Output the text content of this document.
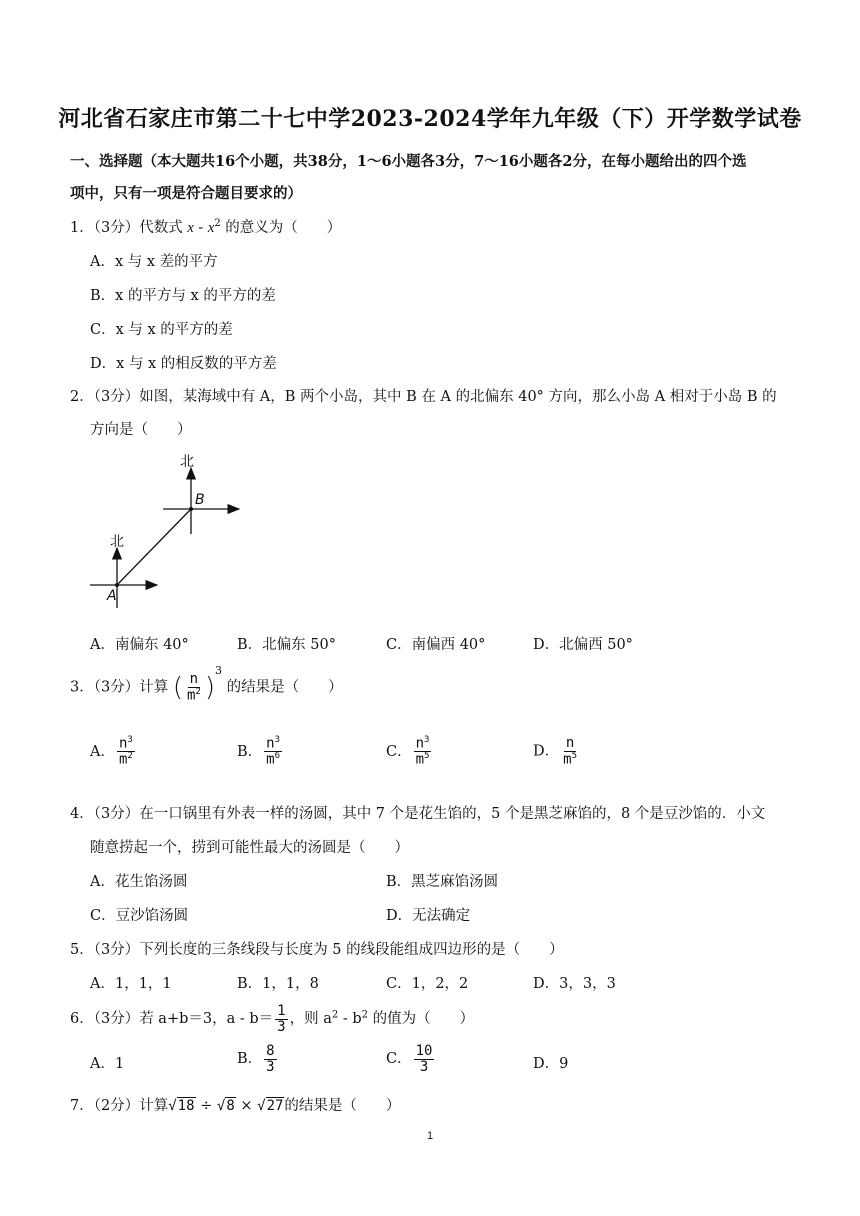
河北省石家庄市第二十七中学2023-2024学年九年级（下）开学数学试卷
一、选择题（本大题共16个小题，共38分，1～6小题各3分，7～16小题各2分，在每小题给出的四个选
项中，只有一项是符合题目要求的）
1．（3分）代数式 x - $x^2$ 的意义为（　　）
A．x 与 x 差的平方
B．x 的平方与 x 的平方的差
C．x 与 x 的平方的差
D．x 与 x 的相反数的平方差
2．（3分）如图，某海域中有 A，B 两个小岛，其中 B 在 A 的北偏东 40° 方向，那么小岛 A 相对于小岛 B 的
方向是（　　）
北
北
A
B
A．南偏东 40°	B．北偏东 50°	C．南偏西 40°	D．北偏西 50°
3．（3分）计算 ( $\frac{n}{m^2} )^3$ 的结果是（　　）
A． $\frac{n^3}{m^2}$	B． $\frac{n^3}{m^6}$	C． $\frac{n^3}{m^5}$	D． $\frac{n}{m^5}$
4．（3分）在一口锅里有外表一样的汤圆，其中 7 个是花生馅的，5 个是黑芝麻馅的，8 个是豆沙馅的．小文
随意捞起一个，捞到可能性最大的汤圆是（　　）
A．花生馅汤圆	B．黑芝麻馅汤圆
C．豆沙馅汤圆	D．无法确定
5．（3分）下列长度的三条线段与长度为 5 的线段能组成四边形的是（　　）
A．1，1，1	B．1，1，8	C．1，2，2	D．3，3，3
6．（3分）若 a+b＝3，$a - b= \frac{1}{3}$ ，则 $a^2 - b^2$ 的值为（　　）
A．1	B． $\frac{8}{3}$	C． $\frac{10}{3}$	D．9
7．（2分）计算√18 ÷ √8 × √27的结果是（　　）
1
